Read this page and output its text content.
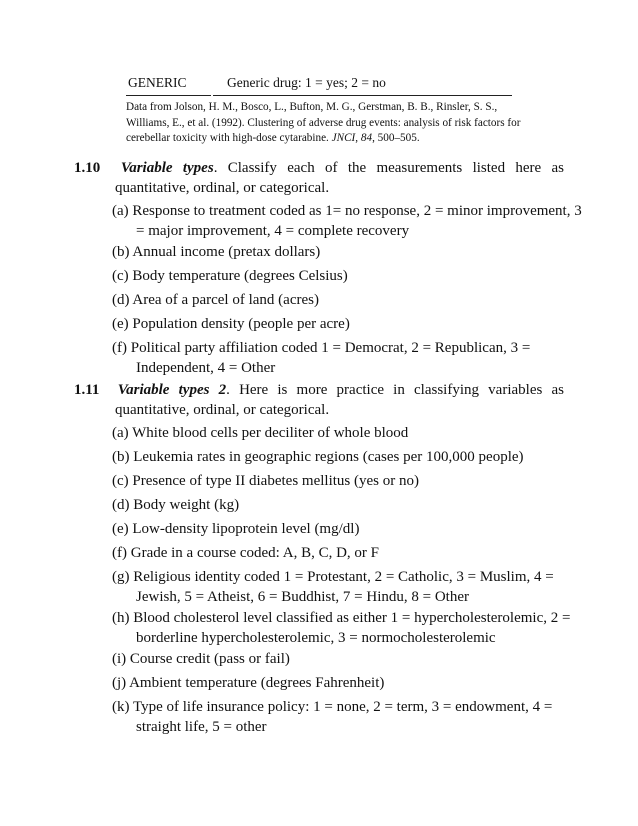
GENERIC	Generic drug: 1 = yes; 2 = no
Data from Jolson, H. M., Bosco, L., Bufton, M. G., Gerstman, B. B., Rinsler, S. S., Williams, E., et al. (1992). Clustering of adverse drug events: analysis of risk factors for cerebellar toxicity with high-dose cytarabine. JNCI, 84, 500–505.
1.10 Variable types. Classify each of the measurements listed here as
quantitative, ordinal, or categorical.
(a) Response to treatment coded as 1= no response, 2 = minor improvement, 3 = major improvement, 4 = complete recovery
(b) Annual income (pretax dollars)
(c) Body temperature (degrees Celsius)
(d) Area of a parcel of land (acres)
(e) Population density (people per acre)
(f) Political party affiliation coded 1 = Democrat, 2 = Republican, 3 = Independent, 4 = Other
1.11 Variable types 2. Here is more practice in classifying variables as
quantitative, ordinal, or categorical.
(a) White blood cells per deciliter of whole blood
(b) Leukemia rates in geographic regions (cases per 100,000 people)
(c) Presence of type II diabetes mellitus (yes or no)
(d) Body weight (kg)
(e) Low-density lipoprotein level (mg/dl)
(f) Grade in a course coded: A, B, C, D, or F
(g) Religious identity coded 1 = Protestant, 2 = Catholic, 3 = Muslim, 4 = Jewish, 5 = Atheist, 6 = Buddhist, 7 = Hindu, 8 = Other
(h) Blood cholesterol level classified as either 1 = hypercholesterolemic, 2 = borderline hypercholesterolemic, 3 = normocholesterolemic
(i) Course credit (pass or fail)
(j) Ambient temperature (degrees Fahrenheit)
(k) Type of life insurance policy: 1 = none, 2 = term, 3 = endowment, 4 = straight life, 5 = other
